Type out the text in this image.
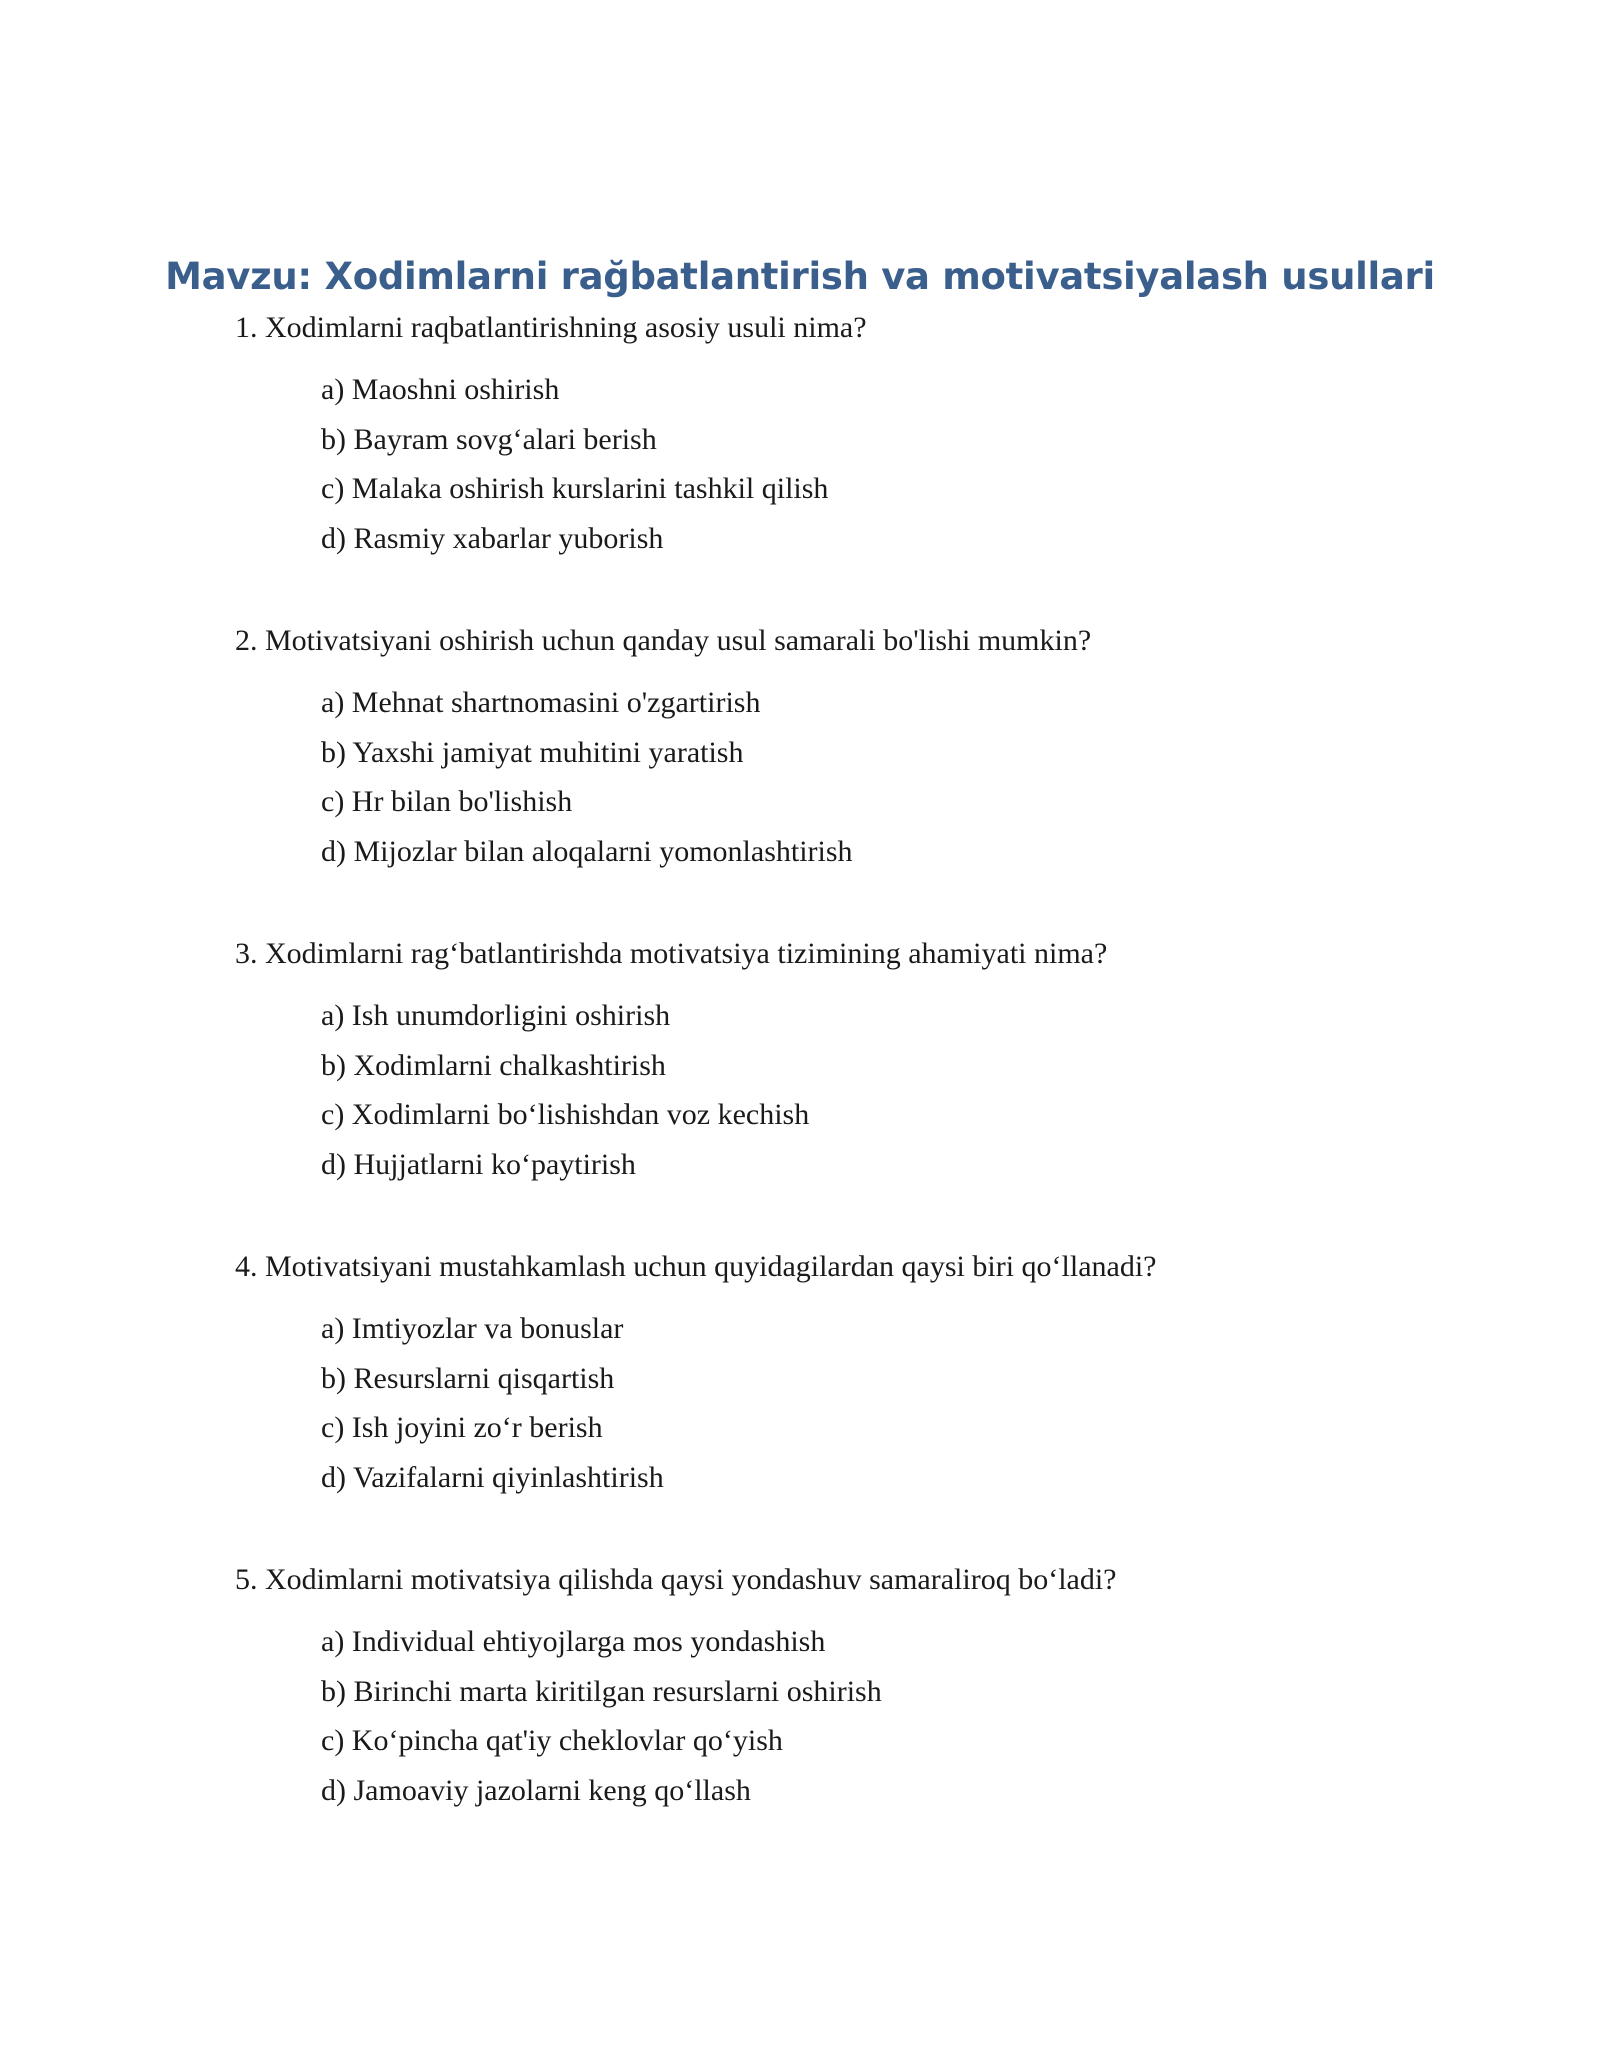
Mavzu: Xodimlarni rağbatlantirish va motivatsiyalash usullari

1. Xodimlarni raqbatlantirishning asosiy usuli nima?

a) Maoshni oshirish
b) Bayram sovg‘alari berish
c) Malaka oshirish kurslarini tashkil qilish
d) Rasmiy xabarlar yuborish

2. Motivatsiyani oshirish uchun qanday usul samarali bo'lishi mumkin?

a) Mehnat shartnomasini o'zgartirish
b) Yaxshi jamiyat muhitini yaratish
c) Hr bilan bo'lishish
d) Mijozlar bilan aloqalarni yomonlashtirish

3. Xodimlarni rag‘batlantirishda motivatsiya tizimining ahamiyati nima?

a) Ish unumdorligini oshirish
b) Xodimlarni chalkashtirish
c) Xodimlarni bo‘lishishdan voz kechish
d) Hujjatlarni ko‘paytirish

4. Motivatsiyani mustahkamlash uchun quyidagilardan qaysi biri qo‘llanadi?

a) Imtiyozlar va bonuslar
b) Resurslarni qisqartish
c) Ish joyini zo‘r berish
d) Vazifalarni qiyinlashtirish

5. Xodimlarni motivatsiya qilishda qaysi yondashuv samaraliroq bo‘ladi?

a) Individual ehtiyojlarga mos yondashish
b) Birinchi marta kiritilgan resurslarni oshirish
c) Ko‘pincha qat'iy cheklovlar qo‘yish
d) Jamoaviy jazolarni keng qo‘llash
